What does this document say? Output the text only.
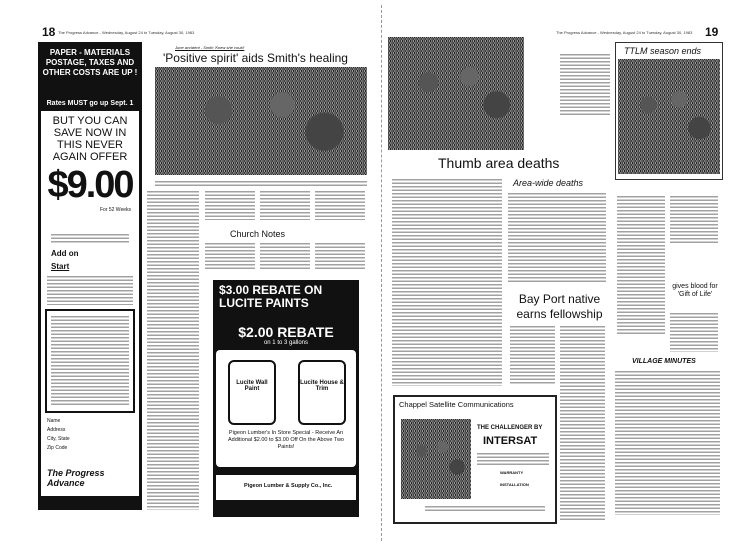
18 The Progress Advance - Wednesday, August 24 to Tuesday, August 30, 1983
PAPER - MATERIALS POSTAGE, TAXES AND OTHER COSTS ARE UP !
Rates MUST go up Sept. 1
BUT YOU CAN SAVE NOW IN THIS NEVER AGAIN OFFER
$9.00
For 52 Weeks
Add on
Start
Name
Address
City, State
Zip Code
The Progress Advance
June accident - Smith 'Knew she could'
'Positive spirit' aids Smith's healing
Church Notes
$3.00 REBATE ON LUCITE PAINTS
$2.00 REBATE
on 1 to 3 gallons
Lucite Wall Paint
Lucite House & Trim
Pigeon Lumber's In Store Special - Receive An Additional $2.00 to $3.00 Off On the Above Two Paints!
Pigeon Lumber & Supply Co., Inc.
The Progress Advance - Wednesday, August 24 to Tuesday, August 30, 1983 19
TTLM season ends
Thumb area deaths
Area-wide deaths
Bay Port native earns fellowship
gives blood for 'Gift of Life'
VILLAGE MINUTES
Chappel Satellite Communications
THE CHALLENGER BY
INTERSAT
WARRANTY
INSTALLATION
